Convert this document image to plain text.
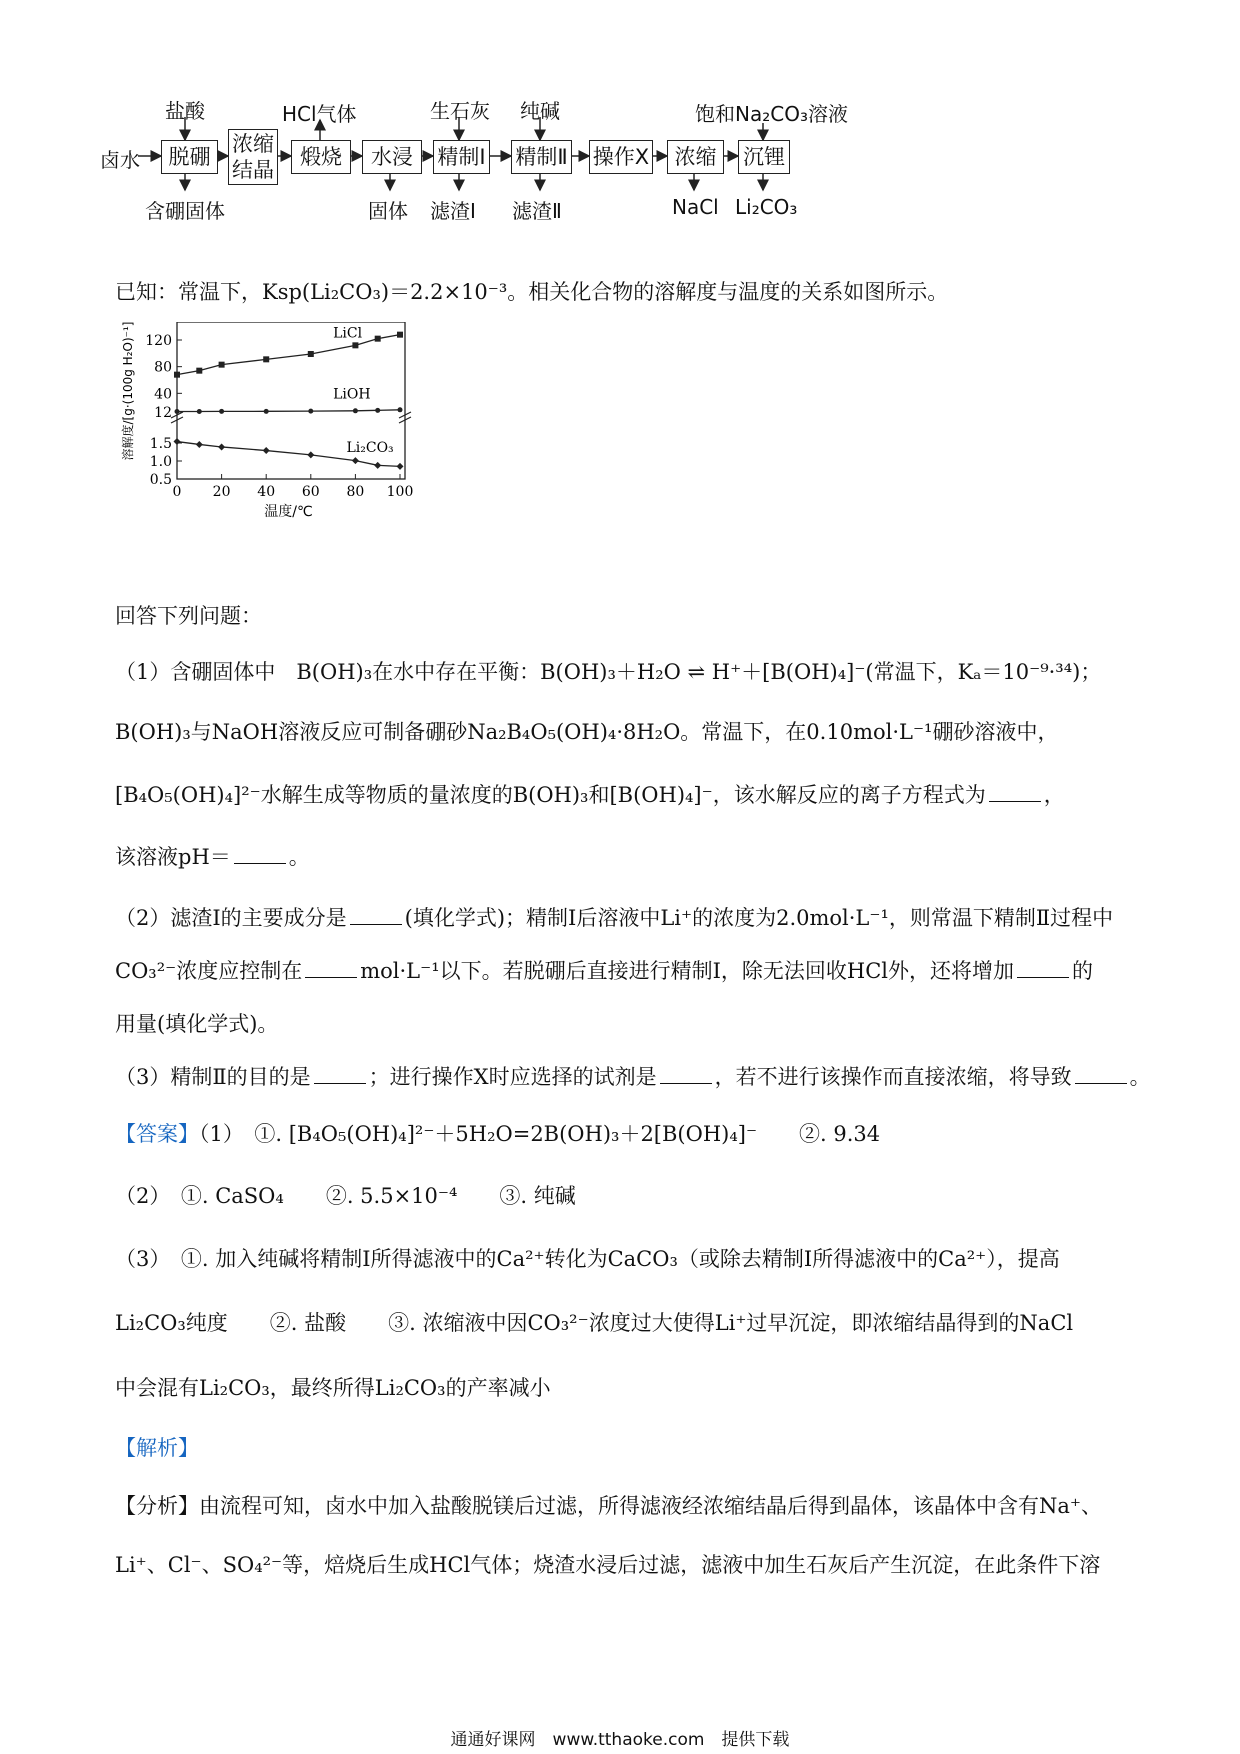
卤水	脱硼
浓缩
结晶
煅烧	水浸	精制Ⅰ 精制Ⅱ 操作X	浓缩	沉锂
盐酸	HCl气体	生石灰 纯碱	饱和Na₂CO₃溶液
含硼固体	固体 滤渣Ⅰ 滤渣Ⅱ	NaCl Li₂CO₃
已知：常温下，Ksp(Li₂CO₃)＝2.2×10⁻³。相关化合物的溶解度与温度的关系如图所示。
120
80
40
12
1.5
1.0
0.5
0 20 40 60 80 100
温度/℃
溶解度/[g·(100g H₂O)⁻¹]	LiCl
LiOH
Li₂CO₃
回答下列问题：
（1）含硼固体中　B(OH)₃在水中存在平衡：B(OH)₃＋H₂O ⇌ H⁺＋[B(OH)₄]⁻(常温下，Kₐ＝10⁻⁹·³⁴)；
B(OH)₃与NaOH溶液反应可制备硼砂Na₂B₄O₅(OH)₄·8H₂O。常温下，在0.10mol·L⁻¹硼砂溶液中，
[B₄O₅(OH)₄]²⁻水解生成等物质的量浓度的B(OH)₃和[B(OH)₄]⁻，该水解反应的离子方程式为	，
该溶液pH＝	。
（2）滤渣Ⅰ的主要成分是	(填化学式)；精制Ⅰ后溶液中Li⁺的浓度为2.0mol·L⁻¹，则常温下精制Ⅱ过程中
CO₃²⁻浓度应控制在	mol·L⁻¹以下。若脱硼后直接进行精制Ⅰ，除无法回收HCl外，还将增加	的
用量(填化学式)。
（3）精制Ⅱ的目的是	；进行操作X时应选择的试剂是	，若不进行该操作而直接浓缩，将导致	。
【答案】（1）　①. [B₄O₅(OH)₄]²⁻＋5H₂O=2B(OH)₃＋2[B(OH)₄]⁻　　②. 9.34
（2）　①. CaSO₄　　②. 5.5×10⁻⁴　　③. 纯碱
（3）　①. 加入纯碱将精制Ⅰ所得滤液中的Ca²⁺转化为CaCO₃（或除去精制Ⅰ所得滤液中的Ca²⁺），提高
Li₂CO₃纯度　　②. 盐酸　　③. 浓缩液中因CO₃²⁻浓度过大使得Li⁺过早沉淀，即浓缩结晶得到的NaCl
中会混有Li₂CO₃，最终所得Li₂CO₃的产率减小
【解析】
【分析】由流程可知，卤水中加入盐酸脱镁后过滤，所得滤液经浓缩结晶后得到晶体，该晶体中含有Na⁺、
Li⁺、Cl⁻、SO₄²⁻等，焙烧后生成HCl气体；烧渣水浸后过滤，滤液中加生石灰后产生沉淀，在此条件下溶
通通好课网　www.tthaoke.com　提供下载
